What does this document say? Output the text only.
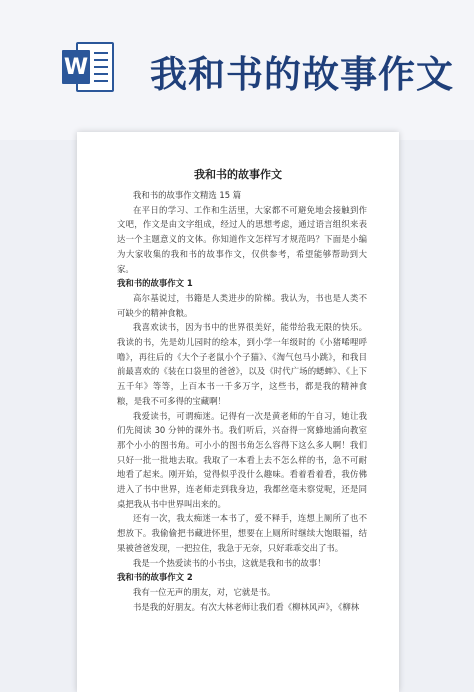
W 我和书的故事作文
我和书的故事作文

我和书的故事作文精选 15 篇

在平日的学习、工作和生活里，大家都不可避免地会接触到作文吧，作文是由文字组成，经过人的思想考虑，通过语言组织来表达一个主题意义的文体。你知道作文怎样写才规范吗？下面是小编为大家收集的我和书的故事作文，仅供参考，希望能够帮助到大家。

我和书的故事作文 1

高尔基说过，书籍是人类进步的阶梯。我认为，书也是人类不可缺少的精神食粮。

我喜欢读书，因为书中的世界很美好，能带给我无限的快乐。我读的书，先是幼儿园时的绘本，到小学一年级时的《小猪唏哩呼噜》，再往后的《大个子老鼠小个子猫》、《淘气包马小跳》，和我目前最喜欢的《装在口袋里的爸爸》，以及《时代广场的蟋蟀》、《上下五千年》等等，上百本书一千多万字，这些书，都是我的精神食粮，是我不可多得的宝藏啊！

我爱读书，可谓痴迷。记得有一次是黄老师的午自习，她让我们先阅读 30 分钟的课外书。我们听后，兴奋得一窝蜂地涌向教室那个小小的图书角。可小小的图书角怎么容得下这么多人啊！我们只好一批一批地去取。我取了一本看上去不怎么样的书，急不可耐地看了起来。刚开始，觉得似乎没什么趣味。看着看着看，我仿佛进入了书中世界，连老师走到我身边，我都丝毫未察觉呢，还是同桌把我从书中世界叫出来的。

还有一次，我太痴迷一本书了，爱不释手，连想上厕所了也不想放下。我偷偷把书藏进怀里，想要在上厕所时继续大饱眼福，结果被爸爸发现，一把拉住，我急于无奈，只好乖乖交出了书。

我是一个热爱读书的小书虫，这就是我和书的故事！

我和书的故事作文 2

我有一位无声的朋友，对，它就是书。

书是我的好朋友。有次大林老师让我们看《柳林风声》，《柳林
